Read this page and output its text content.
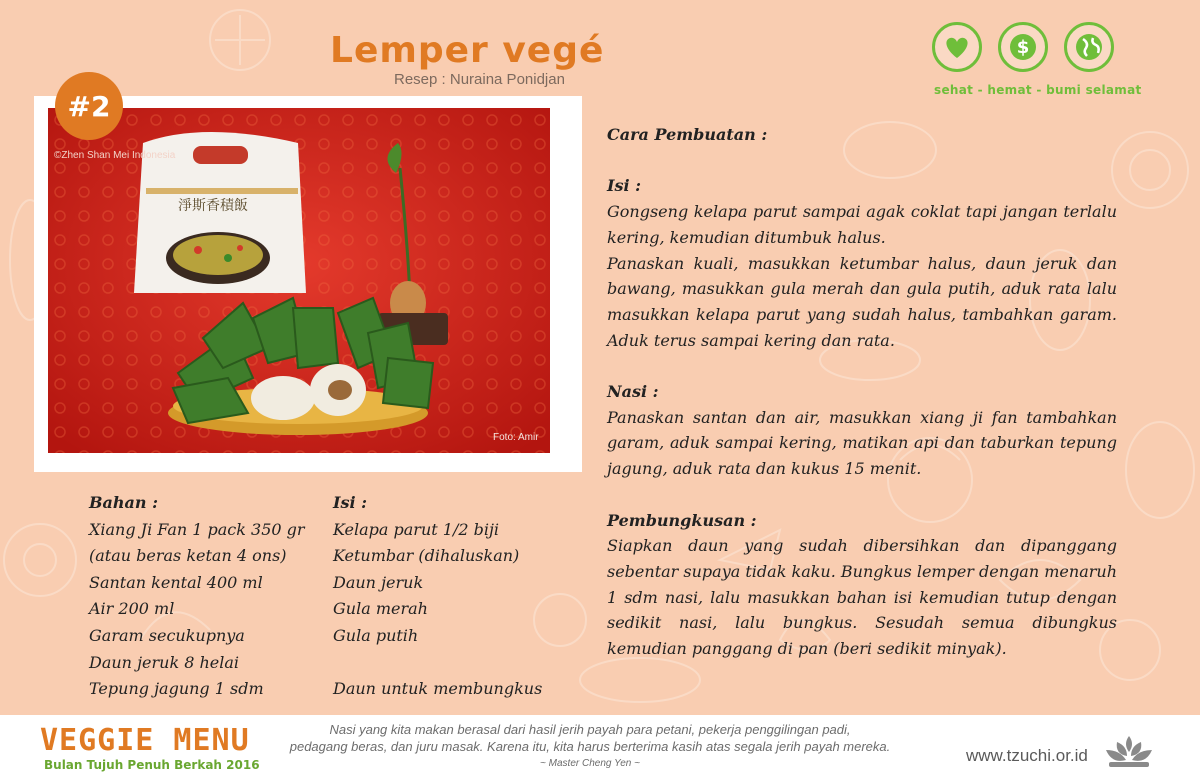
Lemper vegé
Resep : Nuraina Ponidjan
$
sehat - hemat - bumi selamat
淨斯香積飯
#2
©Zhen Shan Mei Indonesia
Foto: Amir
Bahan :
Xiang Ji Fan 1 pack 350 gr
(atau beras ketan 4 ons)
Santan kental 400 ml
Air 200 ml
Garam secukupnya
Daun jeruk 8 helai
Tepung jagung 1 sdm
Isi :
Kelapa parut 1/2 biji
Ketumbar (dihaluskan)
Daun jeruk
Gula merah
Gula putih
Daun untuk membungkus
Cara Pembuatan :
Isi :

Gongseng kelapa parut sampai agak coklat tapi jangan terlalu kering, kemudian ditumbuk halus.

Panaskan kuali, masukkan ketumbar halus, daun jeruk dan bawang, masukkan gula merah dan gula putih, aduk rata lalu masukkan kelapa parut yang sudah halus, tambahkan garam. Aduk terus sampai kering dan rata.

Nasi :

Panaskan santan dan air, masukkan xiang ji fan tambahkan garam, aduk sampai kering, matikan api dan taburkan tepung jagung, aduk rata dan kukus 15 menit.

Pembungkusan :

Siapkan daun yang sudah dibersihkan dan dipanggang sebentar supaya tidak kaku. Bungkus lemper dengan menaruh 1 sdm nasi, lalu masukkan bahan isi kemudian tutup dengan sedikit nasi, lalu bungkus. Sesudah semua dibungkus kemudian panggang di pan (beri sedikit minyak).

VEGGIE MENU
Bulan Tujuh Penuh Berkah 2016
Nasi yang kita makan berasal dari hasil jerih payah para petani, pekerja penggilingan padi,
pedagang beras, dan juru masak. Karena itu, kita harus berterima kasih atas segala jerih payah mereka.
~ Master Cheng Yen ~	www.tzuchi.or.id
